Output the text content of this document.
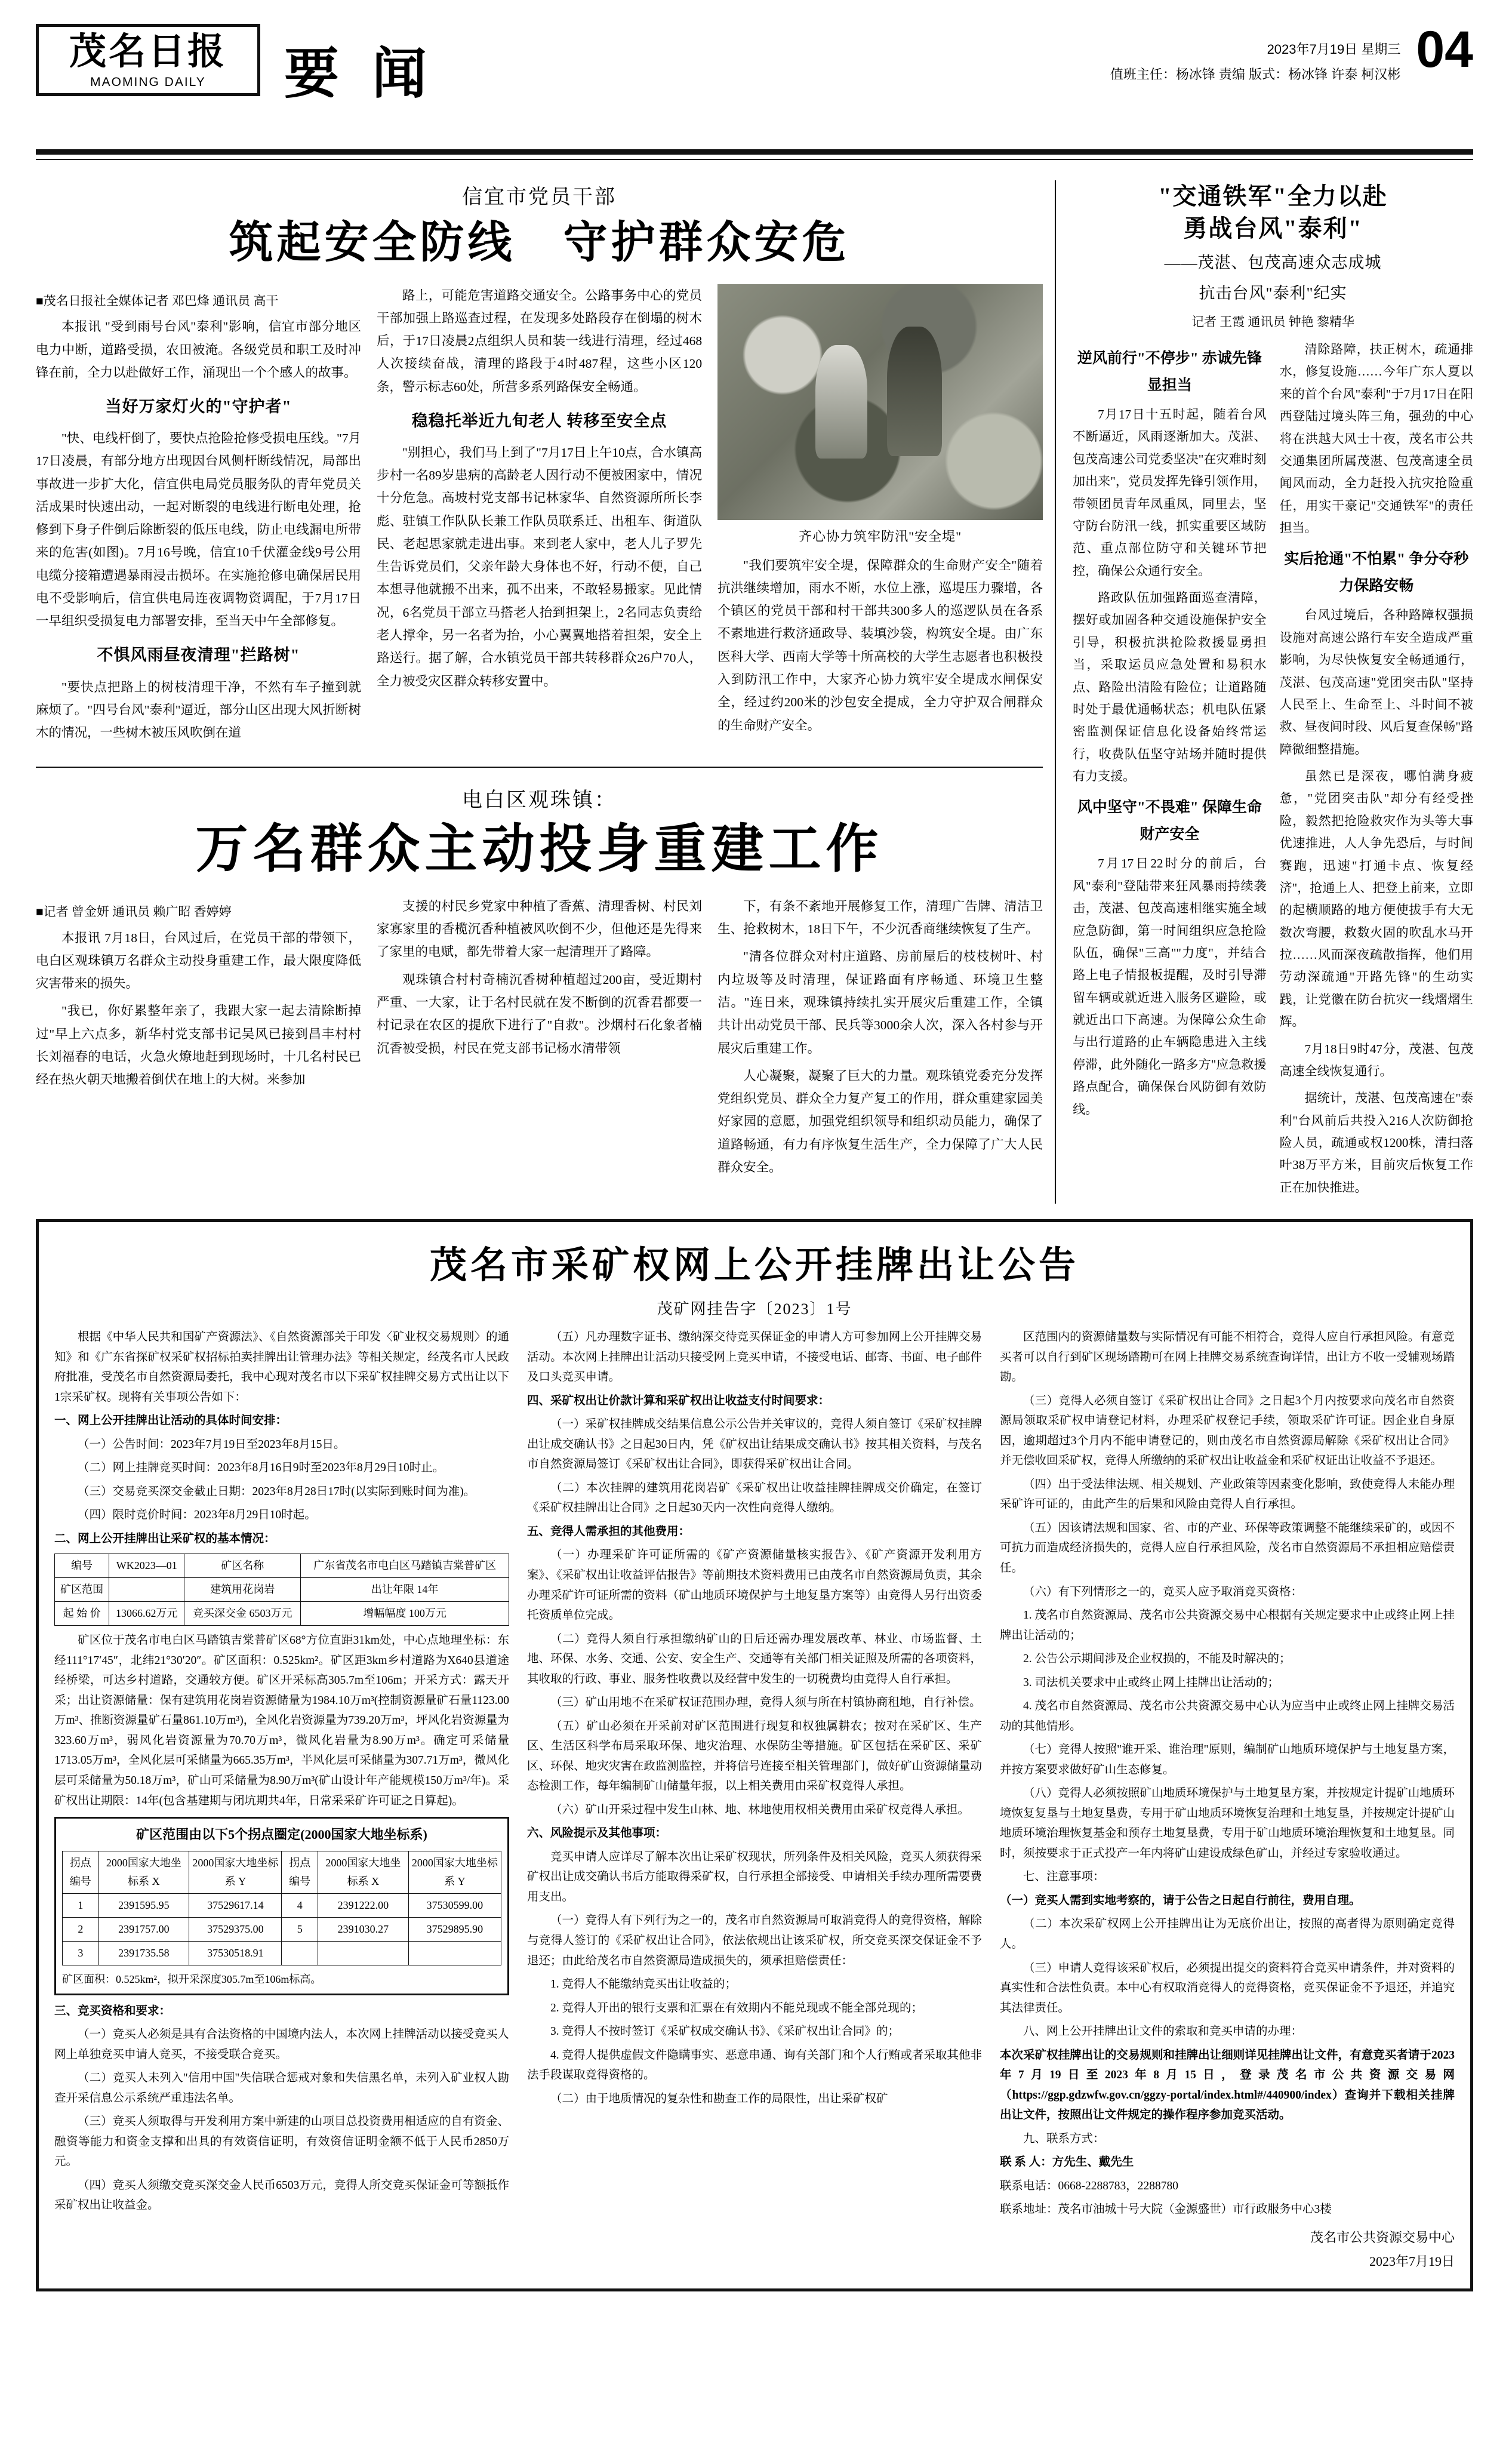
茂名日报
MAOMING DAILY 要 闻	2023年7月19日 星期三
值班主任：杨冰锋 责编 版式：杨冰锋 许泰 柯汉彬 04
信宜市党员干部
筑起安全防线　守护群众安危
■茂名日报社全媒体记者 邓巴烽 通讯员 高干

本报讯 "受到雨号台风"泰利"影响，信宜市部分地区电力中断，道路受损，农田被淹。各级党员和职工及时冲锋在前，全力以赴做好工作，涌现出一个个感人的故事。

当好万家灯火的"守护者"

"快、电线杆倒了，要快点抢险抢修受损电压线。"7月17日凌晨，有部分地方出现因台风侧杆断线情况，局部出事故进一步扩大化，信宜供电局党员服务队的青年党员关活成果时快速出动，一起对断裂的电线进行断电处理，抢修到下身子件倒后除断裂的低压电线，防止电线漏电所带来的危害(如图)。7月16号晚，信宜10千伏灌金线9号公用电缆分接箱遭遇暴雨浸击损坏。在实施抢修电确保居民用电不受影响后，信宜供电局连夜调物资调配，于7月17日一早组织受损复电力部署安排，至当天中午全部修复。

不惧风雨昼夜清理"拦路树"

"要快点把路上的树枝清理干净，不然有车子撞到就麻烦了。"四号台风"泰利"逼近，部分山区出现大风折断树木的情况，一些树木被压风吹倒在道

路上，可能危害道路交通安全。公路事务中心的党员干部加强上路巡查过程，在发现多处路段存在倒塌的树木后，于17日凌晨2点组织人员和装一线进行清理，经过468人次接续奋战，清理的路段于4时487程，这些小区120条，警示标志60处，所营多系列路保安全畅通。

稳稳托举近九旬老人 转移至安全点

"别担心，我们马上到了"7月17日上午10点，合水镇高步村一名89岁患病的高龄老人因行动不便被困家中，情况十分危急。高坡村党支部书记林家华、自然资源所所长李彪、驻镇工作队队长兼工作队员联系迁、出租车、街道队民、老起思家就走进出事。来到老人家中，老人儿子罗先生告诉党员们，父亲年龄大身体也不好，行动不便，自己本想寻他就搬不出来，孤不出来，不敢轻易搬家。见此情况，6名党员干部立马搭老人抬到担架上，2名同志负责给老人撑伞，另一名者为抬，小心翼翼地搭着担架，安全上路送行。据了解，合水镇党员干部共转移群众26户70人，全力被受灾区群众转移安置中。

齐心协力筑牢防汛"安全堤"

"我们要筑牢安全堤，保障群众的生命财产安全"随着抗洪继续增加，雨水不断，水位上涨，巡堤压力骤增，各个镇区的党员干部和村干部共300多人的巡逻队员在各系不素地进行救济通政导、装填沙袋，构筑安全堤。由广东医科大学、西南大学等十所高校的大学生志愿者也积极投入到防汛工作中，大家齐心协力筑牢安全堤成水闸保安全，经过约200米的沙包安全提成，全力守护双合闸群众的生命财产安全。

电白区观珠镇：
万名群众主动投身重建工作
■记者 曾金妍 通讯员 赖广昭 香婷婷

本报讯 7月18日，台风过后，在党员干部的带领下，电白区观珠镇万名群众主动投身重建工作，最大限度降低灾害带来的损失。

"我已，你好累整年亲了，我跟大家一起去清除断掉过"早上六点多，新华村党支部书记吴风已接到昌丰村村长刘福春的电话，火急火燎地赶到现场时，十几名村民已经在热火朝天地搬着倒伏在地上的大树。来参加

支援的村民乡党家中种植了香蕉、清理香树、村民刘家寡家里的香榄沉香种植被风吹倒不少，但他还是先得来了家里的电赋，都先带着大家一起清理开了路障。

观珠镇合村村奇楠沉香树种植超过200亩，受近期村严重、一大家，让于名村民就在发不断倒的沉香君都要一村记录在农区的提欣下进行了"自救"。沙烟村石化象者楠沉香被受损，村民在党支部书记杨水清带领

下，有条不紊地开展修复工作，清理广告牌、清洁卫生、抢救树木，18日下午，不少沉香商继续恢复了生产。

"清各位群众对村庄道路、房前屋后的枝枝树叶、村内垃圾等及时清理，保证路面有序畅通、环境卫生整洁。"连日来，观珠镇持续扎实开展灾后重建工作，全镇共计出动党员干部、民兵等3000余人次，深入各村参与开展灾后重建工作。

人心凝聚，凝聚了巨大的力量。观珠镇党委充分发挥党组织党员、群众全力复产复工的作用，群众重建家园美好家园的意愿，加强党组织领导和组织动员能力，确保了道路畅通，有力有序恢复生活生产，全力保障了广大人民群众安全。

"交通铁军"全力以赴
勇战台风"泰利"
——茂湛、包茂高速众志成城
抗击台风"泰利"纪实
记者 王霞 通讯员 钟艳 黎精华
逆风前行"不停步" 赤诚先锋显担当

7月17日十五时起，随着台风不断逼近，风雨逐渐加大。茂湛、包茂高速公司党委坚决"在灾难时刻加出来"，党员发挥先锋引领作用，带领团员青年凤重凤，同里去，坚守防台防汛一线，抓实重要区域防范、重点部位防守和关键环节把控，确保公众通行安全。

路政队伍加强路面巡查清障，摆好或加固各种交通设施保护安全引导，积极抗洪抢险救援显勇担当，采取运员应急处置和易积水点、路险出清险有险位；让道路随时处于最优通畅状态；机电队伍紧密监测保证信息化设备始终常运行，收费队伍坚守站场并随时提供有力支援。

风中坚守"不畏难" 保障生命财产安全

7月17日22时分的前后，台风"泰利"登陆带来狂风暴雨持续袭击，茂湛、包茂高速相继实施全域应急防御，第一时间组织应急抢险队伍，确保"三高""力度"，并结合路上电子情报板提醒，及时引导滞留车辆或就近进入服务区避险，或就近出口下高速。为保障公众生命与出行道路的止车辆隐患进入主线停滞，此外随化一路多方"应急救援路点配合，确保保台风防御有效防线。

清除路障，扶正树木，疏通排水，修复设施……今年广东人夏以来的首个台风"泰利"于7月17日在阳西登陆过境头阵三角，强劲的中心将在洪越大风士十夜，茂名市公共交通集团所属茂湛、包茂高速全员闻风而动，全力赶投入抗灾抢险重任，用实干豪记"交通铁军"的责任担当。

实后抢通"不怕累" 争分夺秒力保路安畅

台风过境后，各种路障权强损设施对高速公路行车安全造成严重影响，为尽快恢复安全畅通通行，茂湛、包茂高速"党团突击队"坚持人民至上、生命至上、斗时间不被救、昼夜间时段、风后复查保畅"路障微细整措施。

虽然已是深夜，哪怕满身疲惫，"党团突击队"却分有经受挫险，毅然把抢险救灾作为头等大事优速推进，人人争先恐后，与时间赛跑，迅速"打通卡点、恢复经济"，抢通上人、把登上前来，立即的起横顺路的地方便使拔手有大无数次弯腰，救数火固的吹乱水马开拉……风而深夜疏散指挥，他们用劳动深疏通"开路先锋"的生动实践，让党徽在防台抗灾一线熠熠生辉。

7月18日9时47分，茂湛、包茂高速全线恢复通行。

据统计，茂湛、包茂高速在"泰利"台风前后共投入216人次防御抢险人员，疏通或权1200株，清扫落叶38万平方米，目前灾后恢复工作正在加快推进。

茂名市采矿权网上公开挂牌出让公告
茂矿网挂告字〔2023〕1号

根据《中华人民共和国矿产资源法》、《自然资源部关于印发〈矿业权交易规则〉的通知》和《广东省探矿权采矿权招标拍卖挂牌出让管理办法》等相关规定，经茂名市人民政府批准，受茂名市自然资源局委托，我中心现对茂名市以下采矿权挂牌交易方式出让以下1宗采矿权。现将有关事项公告如下：

一、网上公开挂牌出让活动的具体时间安排：

（一）公告时间：2023年7月19日至2023年8月15日。

（二）网上挂牌竞买时间：2023年8月16日9时至2023年8月29日10时止。

（三）交易竞买深交金截止日期：2023年8月28日17时(以实际到账时间为准)。

（四）限时竞价时间：2023年8月29日10时起。

二、网上公开挂牌出让采矿权的基本情况：

编号	WK2023—01	矿区名称	广东省茂名市电白区马踏镇吉棠普矿区
矿区范围		建筑用花岗岩	出让年限 14年
起 始 价	13066.62万元	竞买深交金 6503万元	增幅幅度 100万元

矿区位于茂名市电白区马踏镇吉棠普矿区68°方位直距31km处，中心点地理坐标：东经111°17′45″，北纬21°30′20″。矿区面积：0.525km²。矿区距3km乡村道路为X640县道途经桥梁，可达乡村道路，交通较方便。矿区开采标高305.7m至106m；开采方式：露天开采；出让资源储量：保有建筑用花岗岩资源储量为1984.10万m³(控制资源量矿石量1123.00万m³、推断资源量矿石量861.10万m³)，全风化岩资源量为739.20万m³，坪风化岩资源量为323.60万m³，弱风化岩资源量为70.70万m³，微风化岩量为8.90万m³。确定可采储量1713.05万m³，全风化层可采储量为665.35万m³，半风化层可采储量为307.71万m³，微风化层可采储量为50.18万m³，矿山可采储量为8.90万m³(矿山设计年产能规模150万m³/年)。采矿权出让期限：14年(包含基建期与闭坑期共4年，日常采采矿许可证之日算起)。

矿区范围由以下5个拐点圈定(2000国家大地坐标系)
拐点编号	2000国家大地坐标系 X	2000国家大地坐标系 Y	拐点编号	2000国家大地坐标系 X	2000国家大地坐标系 Y
1	2391595.95	37529617.14	4	2391222.00	37530599.00
2	2391757.00	37529375.00	5	2391030.27	37529895.90
3	2391735.58	37530518.91			
矿区面积：0.525km²，拟开采深度305.7m至106m标高。

三、竞买资格和要求：

（一）竞买人必须是具有合法资格的中国境内法人，本次网上挂牌活动以接受竞买人网上单独竞买申请人竞买，不接受联合竞买。

（二）竞买人未列入"信用中国"失信联合惩戒对象和失信黑名单，未列入矿业权人勘查开采信息公示系统严重违法名单。

（三）竞买人须取得与开发利用方案中新建的山项目总投资费用相适应的自有资金、融资等能力和资金支撑和出具的有效资信证明，有效资信证明金额不低于人民币2850万元。

（四）竞买人须缴交竞买深交金人民币6503万元，竞得人所交竞买保证金可等额抵作采矿权出让收益金。

（五）凡办理数字证书、缴纳深交待竞买保证金的申请人方可参加网上公开挂牌交易活动。本次网上挂牌出让活动只接受网上竞买申请，不接受电话、邮寄、书面、电子邮件及口头竞买申请。

四、采矿权出让价款计算和采矿权出让收益支付时间要求：

（一）采矿权挂牌成交结果信息公示公告并关审议的，竞得人须自签订《采矿权挂牌出让成交确认书》之日起30日内，凭《矿权出让结果成交确认书》按其相关资料，与茂名市自然资源局签订《采矿权出让合同》，即获得采矿权出让合同。

（二）本次挂牌的建筑用花岗岩矿《采矿权出让收益挂牌挂牌成交价确定，在签订《采矿权挂牌出让合同》之日起30天内一次性向竞得人缴纳。

五、竞得人需承担的其他费用：

（一）办理采矿许可证所需的《矿产资源储量核实报告》、《矿产资源开发利用方案》、《采矿权出让收益评估报告》等前期技术资料费用已由茂名市自然资源局负责，其余办理采矿许可证所需的资料（矿山地质环境保护与土地复垦方案等）由竞得人另行出资委托资质单位完成。

（二）竞得人须自行承担缴纳矿山的日后还需办理发展改革、林业、市场监督、土地、环保、水务、交通、公安、安全生产、交通等有关部门相关证照及所需的各项资料，其收取的行政、事业、服务性收费以及经营中发生的一切税费均由竞得人自行承担。

（三）矿山用地不在采矿权证范围办理，竞得人须与所在村镇协商租地，自行补偿。

（五）矿山必须在开采前对矿区范围进行现复和权独属耕农；按对在采矿区、生产区、生活区科学布局采取环保、地灾治理、水保防尘等措施。矿区包括在采矿区、采矿区、环保、地灾灾害在政监测监控，并将信号连接至相关管理部门，做好矿山资源储量动态检测工作，每年编制矿山储量年报，以上相关费用由采矿权竞得人承担。

（六）矿山开采过程中发生山林、地、林地使用权相关费用由采矿权竞得人承担。

六、风险提示及其他事项：

竞买申请人应详尽了解本次出让采矿权现状，所列条件及相关风险，竞买人须获得采矿权出让成交确认书后方能取得采矿权，自行承担全部接受、申请相关手续办理所需要费用支出。

（一）竞得人有下列行为之一的，茂名市自然资源局可取消竞得人的竞得资格，解除与竞得人签订的《采矿权出让合同》，依法依规出让该采矿权，所交竞买深交保证金不予退还；由此给茂名市自然资源局造成损失的，须承担赔偿责任：

1. 竞得人不能缴纳竞买出让收益的；

2. 竞得人开出的银行支票和汇票在有效期内不能兑现或不能全部兑现的；

3. 竞得人不按时签订《采矿权成交确认书》、《采矿权出让合同》的；

4. 竞得人提供虚假文件隐瞒事实、恶意串通、询有关部门和个人行贿或者采取其他非法手段谋取竞得资格的。

（二）由于地质情况的复杂性和勘查工作的局限性，出让采矿权矿

区范围内的资源储量数与实际情况有可能不相符合，竞得人应自行承担风险。有意竞买者可以自行到矿区现场踏勘可在网上挂牌交易系统查询详情，出让方不收一受辅观场踏勘。

（三）竞得人必须自签订《采矿权出让合同》之日起3个月内按要求向茂名市自然资源局领取采矿权申请登记材料，办理采矿权登记手续，领取采矿许可证。因企业自身原因，逾期超过3个月内不能申请登记的，则由茂名市自然资源局解除《采矿权出让合同》并无偿收回采矿权，竞得人所缴纳的采矿权出让收益金和采矿权证出让收益不予退还。

（四）出于受法律法规、相关规划、产业政策等因素变化影响，致使竞得人未能办理采矿许可证的，由此产生的后果和风险由竞得人自行承担。

（五）因该请法规和国家、省、市的产业、环保等政策调整不能继续采矿的，或因不可抗力而造成经济损失的，竞得人应自行承担风险，茂名市自然资源局不承担相应赔偿责任。

（六）有下列情形之一的，竞买人应予取消竞买资格：

1. 茂名市自然资源局、茂名市公共资源交易中心根据有关规定要求中止或终止网上挂牌出让活动的；

2. 公告公示期间涉及企业权损的，不能及时解决的；

3. 司法机关要求中止或终止网上挂牌出让活动的；

4. 茂名市自然资源局、茂名市公共资源交易中心认为应当中止或终止网上挂牌交易活动的其他情形。

（七）竞得人按照"谁开采、谁治理"原则，编制矿山地质环境保护与土地复垦方案，并按方案要求做好矿山生态修复。

（八）竞得人必须按照矿山地质环境保护与土地复垦方案，并按规定计提矿山地质环境恢复复垦与土地复垦费，专用于矿山地质环境恢复治理和土地复垦，并按规定计提矿山地质环境治理恢复基金和预存土地复垦费，专用于矿山地质环境治理恢复和土地复垦。同时，须按要求于正式投产一年内将矿山建设成绿色矿山，并经过专家验收通过。

七、注意事项：

（一）竞买人需到实地考察的，请于公告之日起自行前往，费用自理。

（二）本次采矿权网上公开挂牌出让为无底价出让，按照的高者得为原则确定竞得人。

（三）申请人竞得该采矿权后，必须提出提交的资料符合竞买申请条件，并对资料的真实性和合法性负责。本中心有权取消竞得人的竞得资格，竞买保证金不予退还，并追究其法律责任。

八、网上公开挂牌出让文件的索取和竞买申请的办理：

本次采矿权挂牌出让的交易规则和挂牌出让细则详见挂牌出让文件，有意竞买者请于2023年7月19日至2023年8月15日，登录茂名市公共资源交易网（https://ggp.gdzwfw.gov.cn/ggzy-portal/index.html#/440900/index）查询并下载相关挂牌出让文件，按照出让文件规定的操作程序参加竞买活动。

九、联系方式：

联 系 人：方先生、戴先生

联系电话：0668-2288783，2288780

联系地址：茂名市油城十号大院（金源盛世）市行政服务中心3楼

茂名市公共资源交易中心
2023年7月19日
